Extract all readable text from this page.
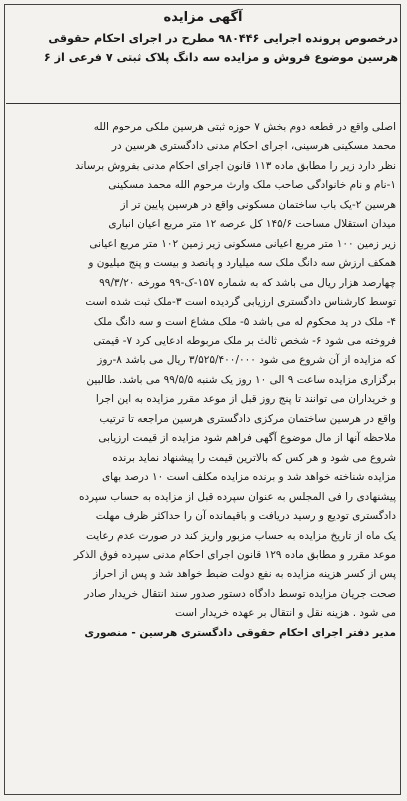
آگهی مزایده
درخصوص پرونده اجرایی ۹۸۰۴۴۶ مطرح در اجرای احکام حقوقی
هرسین موضوع فروش و مزایده سه دانگ پلاک ثبتی ۷ فرعی از ۶
اصلی واقع در قطعه دوم بخش ۷ حوزه ثبتی هرسین ملکی مرحوم الله
محمد مسکینی هرسینی، اجرای احکام مدنی دادگستری هرسین در
نظر دارد زیر را مطابق ماده ۱۱۳ قانون اجرای احکام مدنی بفروش برساند
۱-نام و نام خانوادگی صاحب ملک وارث مرحوم الله محمد مسکینی
هرسین ۲-یک باب ساختمان مسکونی واقع در هرسین پایین تر از
میدان استقلال مساحت ۱۴۵/۶ کل عرصه ۱۲ متر مربع اعیان انباری
زیر زمین ۱۰۰ متر مربع اعیانی مسکونی زیر زمین ۱۰۲ متر مربع اعیانی
همکف ارزش سه دانگ ملک سه میلیارد و پانصد و بیست و پنج میلیون و
چهارصد هزار ریال می باشد که به شماره ۱۵۷-ک-۹۹ مورخه ۹۹/۳/۲۰
توسط کارشناس دادگستری ارزیابی گردیده است ۳-ملک ثبت شده است
۴- ملک در ید محکوم له می باشد ۵- ملک مشاع است و سه دانگ ملک
فروخته می شود ۶- شخص ثالث بر ملک مربوطه ادعایی کرد ۷- قیمتی
که مزایده از آن شروع می شود ۳/۵۲۵/۴۰۰/۰۰۰ ریال می باشد ۸-روز
برگزاری مزایده ساعت ۹ الی ۱۰ روز یک شنبه ۹۹/۵/۵ می باشد. طالبین
و خریداران می توانند تا پنج روز قبل از موعد مقرر مزایده به این اجرا
واقع در هرسین ساختمان مرکزی دادگستری هرسین مراجعه تا ترتیب
ملاحظه آنها از مال موضوع آگهی فراهم شود مزایده از قیمت ارزیابی
شروع می شود و هر کس که بالاترین قیمت را پیشنهاد نماید برنده
مزایده شناخته خواهد شد و برنده مزایده مکلف است ۱۰ درصد بهای
پیشنهادی را فی المجلس به عنوان سپرده قبل از مزایده به حساب سپرده
دادگستری تودیع و رسید دریافت و باقیمانده آن را حداکثر ظرف مهلت
یک ماه از تاریخ مزایده به حساب مزبور واریز کند در صورت عدم رعایت
موعد مقرر و مطابق ماده ۱۲۹ قانون اجرای احکام مدنی سپرده فوق الذکر
پس از کسر هزینه مزایده به نفع دولت ضبط خواهد شد و پس از احراز
صحت جریان مزایده توسط دادگاه دستور صدور سند انتقال خریدار صادر
می شود . هزینه نقل و انتقال بر عهده خریدار است
مدیر دفتر اجرای احکام حقوقی دادگستری هرسین - منصوری
